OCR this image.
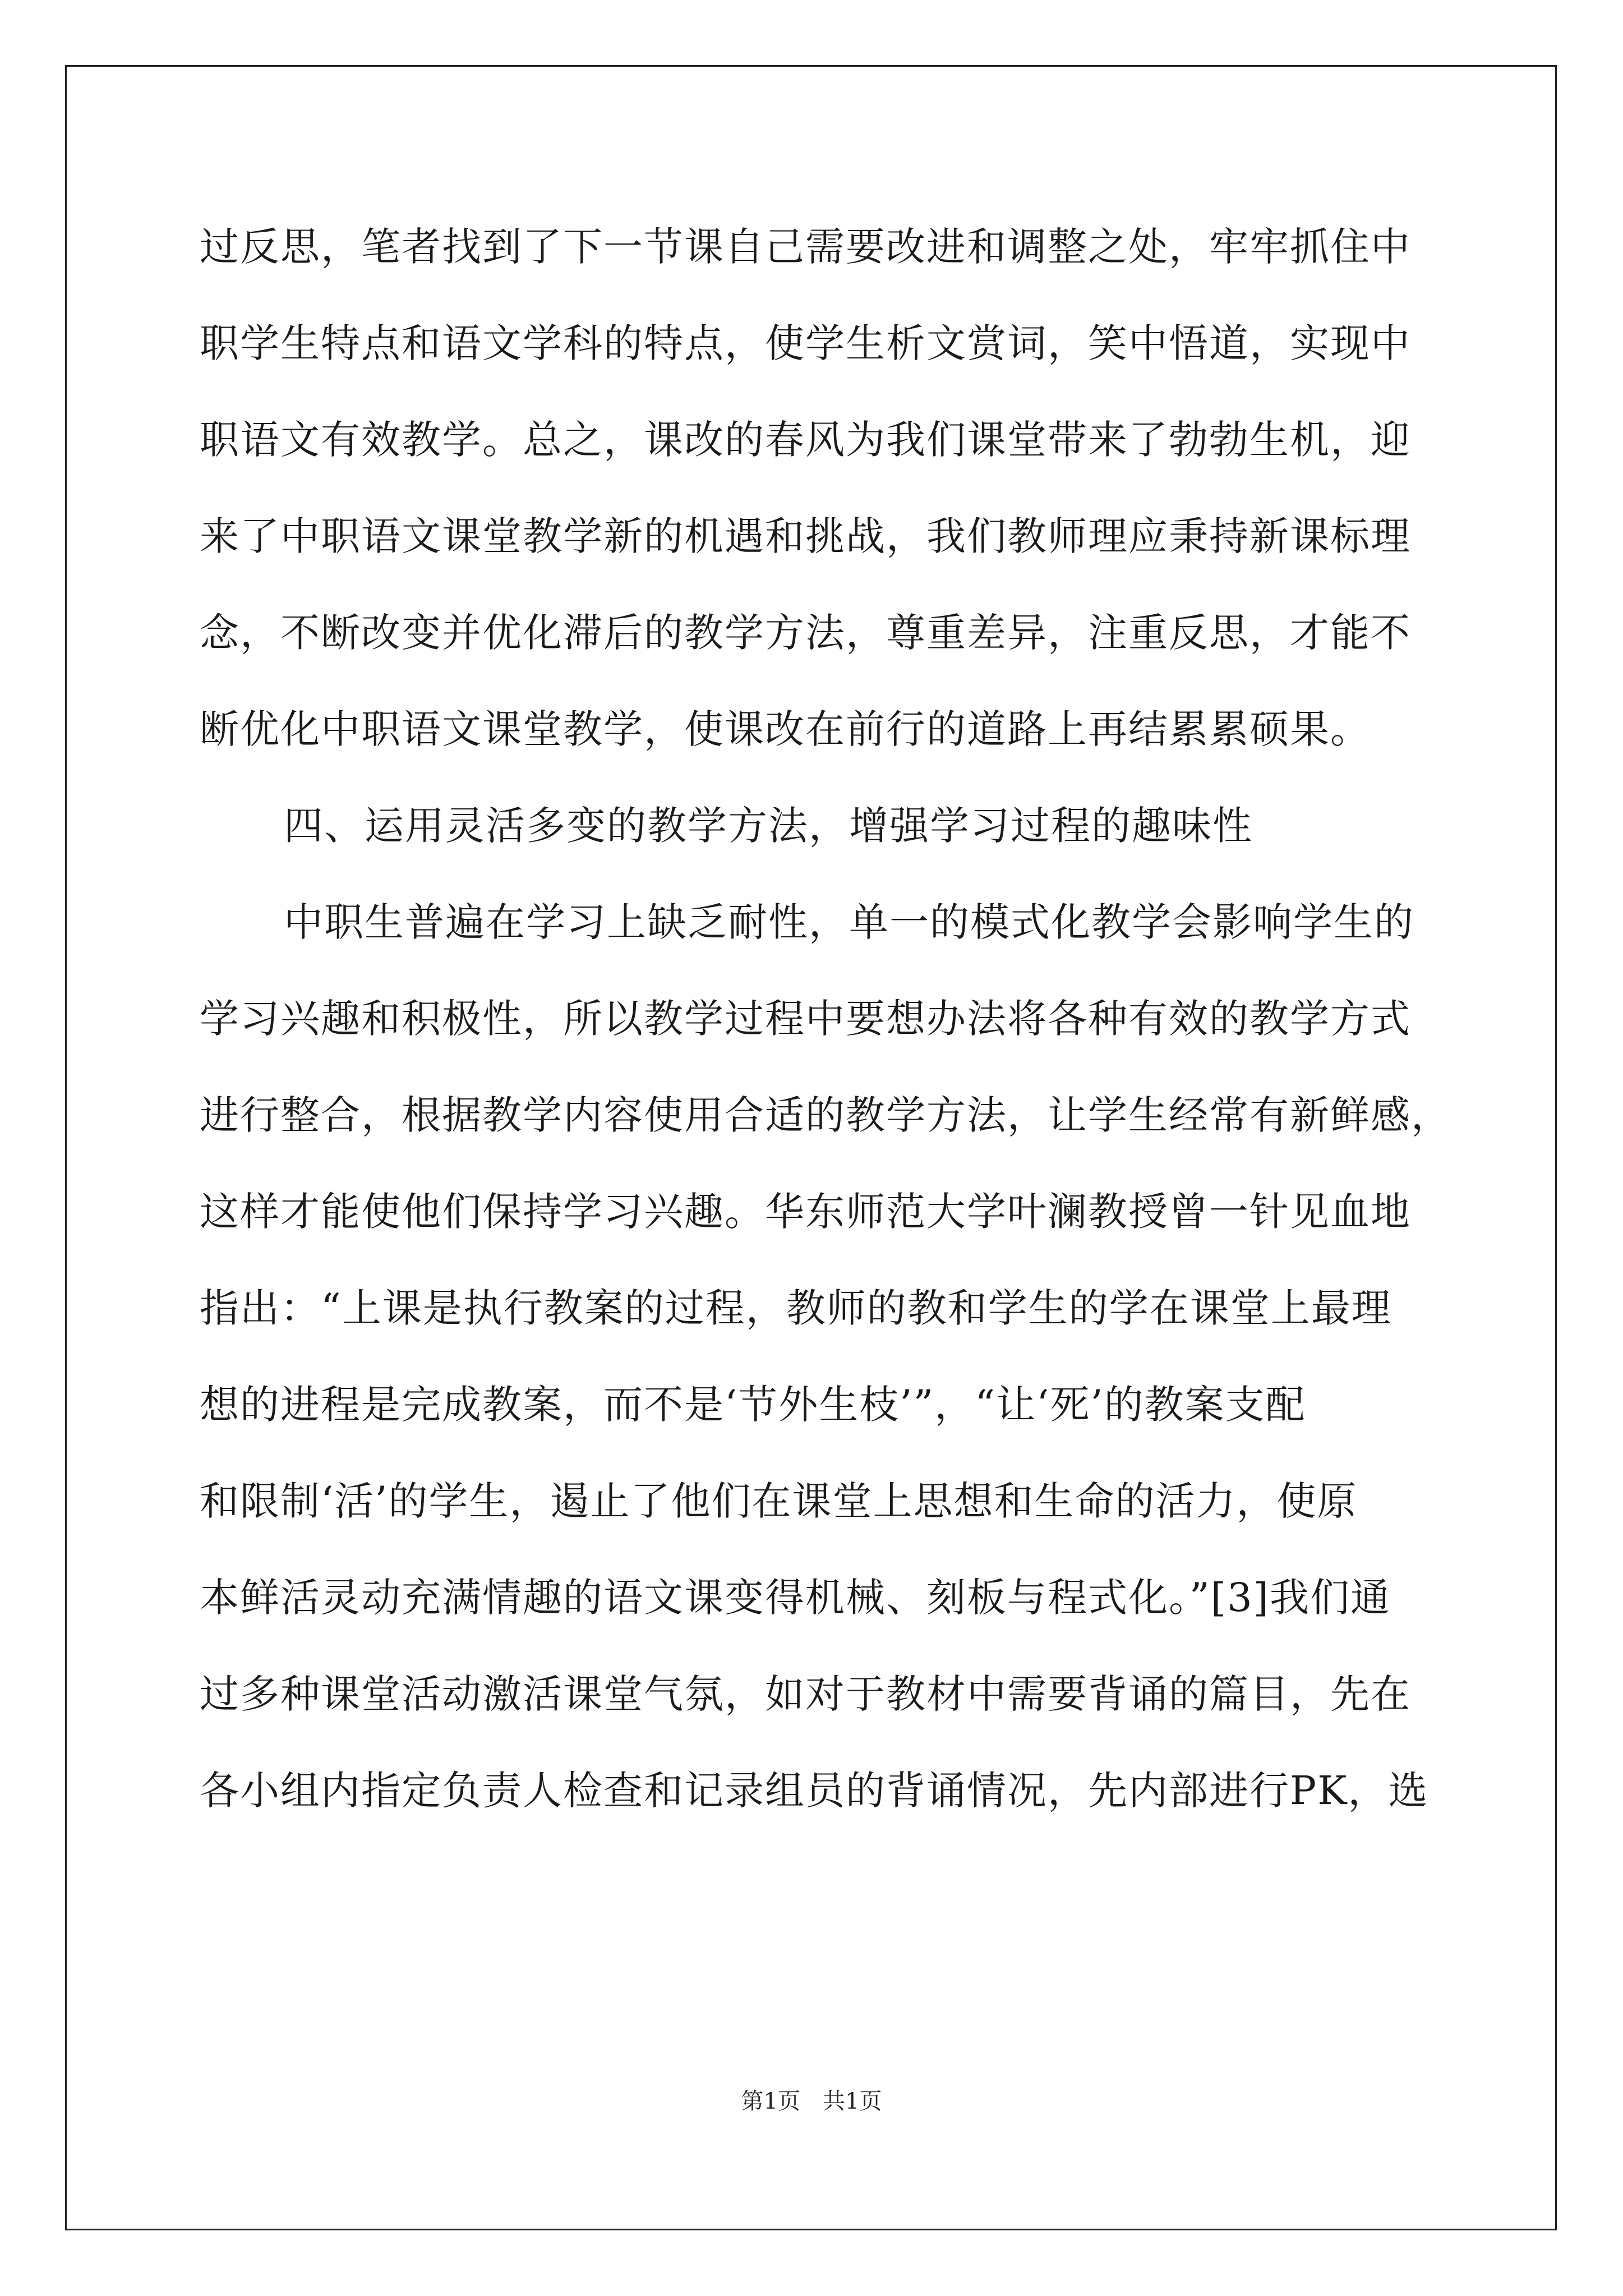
过反思，笔者找到了下一节课自己需要改进和调整之处，牢牢抓住中
职学生特点和语文学科的特点，使学生析文赏词，笑中悟道，实现中
职语文有效教学。总之，课改的春风为我们课堂带来了勃勃生机，迎
来了中职语文课堂教学新的机遇和挑战，我们教师理应秉持新课标理
念，不断改变并优化滞后的教学方法，尊重差异，注重反思，才能不
断优化中职语文课堂教学，使课改在前行的道路上再结累累硕果。
四、运用灵活多变的教学方法，增强学习过程的趣味性
中职生普遍在学习上缺乏耐性，单一的模式化教学会影响学生的
学习兴趣和积极性，所以教学过程中要想办法将各种有效的教学方式
进行整合，根据教学内容使用合适的教学方法，让学生经常有新鲜感，
这样才能使他们保持学习兴趣。华东师范大学叶澜教授曾一针见血地
指出：“上课是执行教案的过程，教师的教和学生的学在课堂上最理
想的进程是完成教案，而不是‘节外生枝’”，“让‘死’的教案支配
和限制‘活’的学生，遏止了他们在课堂上思想和生命的活力，使原
本鲜活灵动充满情趣的语文课变得机械、刻板与程式化。”[3]我们通
过多种课堂活动激活课堂气氛，如对于教材中需要背诵的篇目，先在
各小组内指定负责人检查和记录组员的背诵情况，先内部进行PK，选
第1页　共1页
